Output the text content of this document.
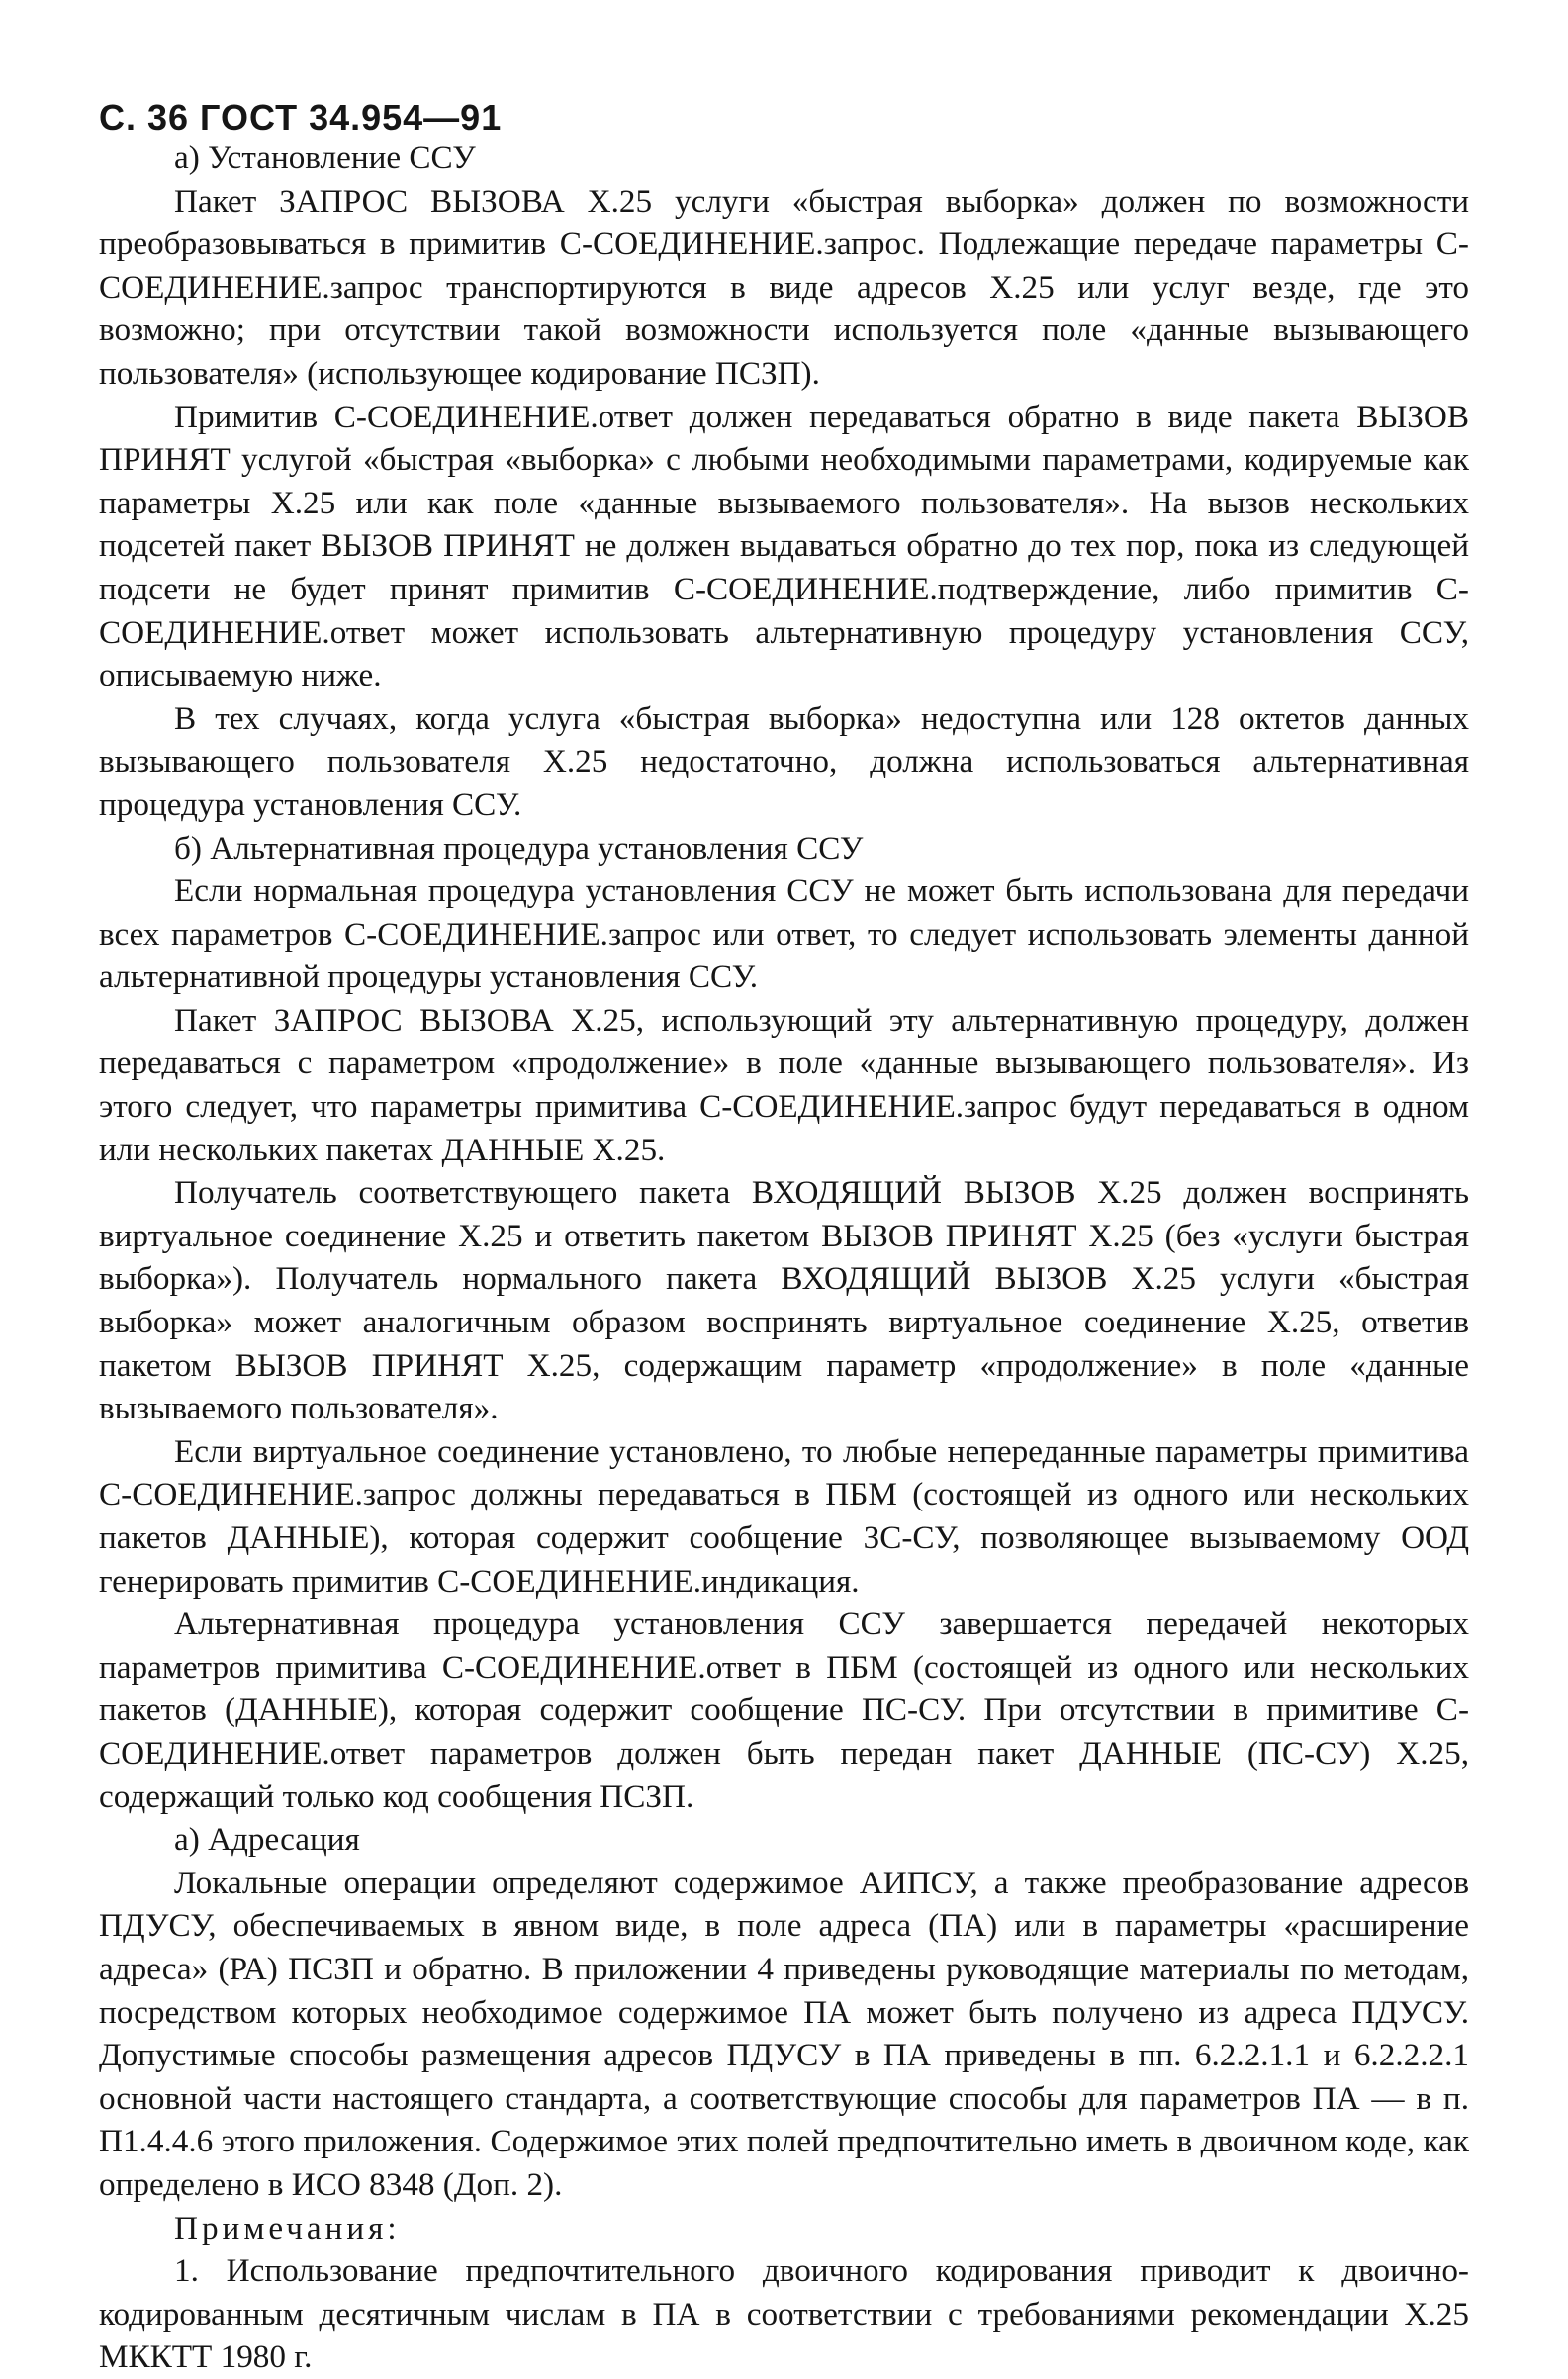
С. 36 ГОСТ 34.954—91

а) Установление ССУ

Пакет ЗАПРОС ВЫЗОВА Х.25 услуги «быстрая выборка» должен по возможности преобразовываться в примитив С-СОЕДИНЕНИЕ.запрос. Подлежащие передаче параметры С-СОЕДИНЕНИЕ.запрос транспортируются в виде адресов Х.25 или услуг везде, где это возможно; при отсутствии такой возможности используется поле «данные вызывающего пользователя» (использующее кодирование ПСЗП).

Примитив С-СОЕДИНЕНИЕ.ответ должен передаваться обратно в виде пакета ВЫЗОВ ПРИНЯТ услугой «быстрая «выборка» с любыми необходимыми параметрами, кодируемые как параметры Х.25 или как поле «данные вызываемого пользователя». На вызов нескольких подсетей пакет ВЫЗОВ ПРИНЯТ не должен выдаваться обратно до тех пор, пока из следующей подсети не будет принят примитив С-СОЕДИНЕНИЕ.подтверждение, либо примитив С-СОЕДИНЕНИЕ.ответ может использовать альтернативную процедуру установления ССУ, описываемую ниже.

В тех случаях, когда услуга «быстрая выборка» недоступна или 128 октетов данных вызывающего пользователя Х.25 недостаточно, должна использоваться альтернативная процедура установления ССУ.

б) Альтернативная процедура установления ССУ

Если нормальная процедура установления ССУ не может быть использована для передачи всех параметров С-СОЕДИНЕНИЕ.запрос или ответ, то следует использовать элементы данной альтернативной процедуры установления ССУ.

Пакет ЗАПРОС ВЫЗОВА Х.25, использующий эту альтернативную процедуру, должен передаваться с параметром «продолжение» в поле «данные вызывающего пользователя». Из этого следует, что параметры примитива С-СОЕДИНЕНИЕ.запрос будут передаваться в одном или нескольких пакетах ДАННЫЕ Х.25.

Получатель соответствующего пакета ВХОДЯЩИЙ ВЫЗОВ Х.25 должен воспринять виртуальное соединение Х.25 и ответить пакетом ВЫЗОВ ПРИНЯТ Х.25 (без «услуги быстрая выборка»). Получатель нормального пакета ВХОДЯЩИЙ ВЫЗОВ Х.25 услуги «быстрая выборка» может аналогичным образом воспринять виртуальное соединение Х.25, ответив пакетом ВЫЗОВ ПРИНЯТ Х.25, содержащим параметр «продолжение» в поле «данные вызываемого пользователя».

Если виртуальное соединение установлено, то любые непереданные параметры примитива С-СОЕДИНЕНИЕ.запрос должны передаваться в ПБМ (состоящей из одного или нескольких пакетов ДАННЫЕ), которая содержит сообщение ЗС-СУ, позволяющее вызываемому ООД генерировать примитив С-СОЕДИНЕНИЕ.индикация.

Альтернативная процедура установления ССУ завершается передачей некоторых параметров примитива С-СОЕДИНЕНИЕ.ответ в ПБМ (состоящей из одного или нескольких пакетов (ДАННЫЕ), которая содержит сообщение ПС-СУ. При отсутствии в примитиве С-СОЕДИНЕНИЕ.ответ параметров должен быть передан пакет ДАННЫЕ (ПС-СУ) Х.25, содержащий только код сообщения ПСЗП.

а) Адресация

Локальные операции определяют содержимое АИПСУ, а также преобразование адресов ПДУСУ, обеспечиваемых в явном виде, в поле адреса (ПА) или в параметры «расширение адреса» (РА) ПСЗП и обратно. В приложении 4 приведены руководящие материалы по методам, посредством которых необходимое содержимое ПА может быть получено из адреса ПДУСУ. Допустимые способы размещения адресов ПДУСУ в ПА приведены в пп. 6.2.2.1.1 и 6.2.2.2.1 основной части настоящего стандарта, а соответствующие способы для параметров ПА — в п. П1.4.4.6 этого приложения. Содержимое этих полей предпочтительно иметь в двоичном коде, как определено в ИСО 8348 (Доп. 2).

Примечания:

1. Использование предпочтительного двоичного кодирования приводит к двоично-кодированным десятичным числам в ПА в соответствии с требованиями рекомендации Х.25 МККТТ 1980 г.
